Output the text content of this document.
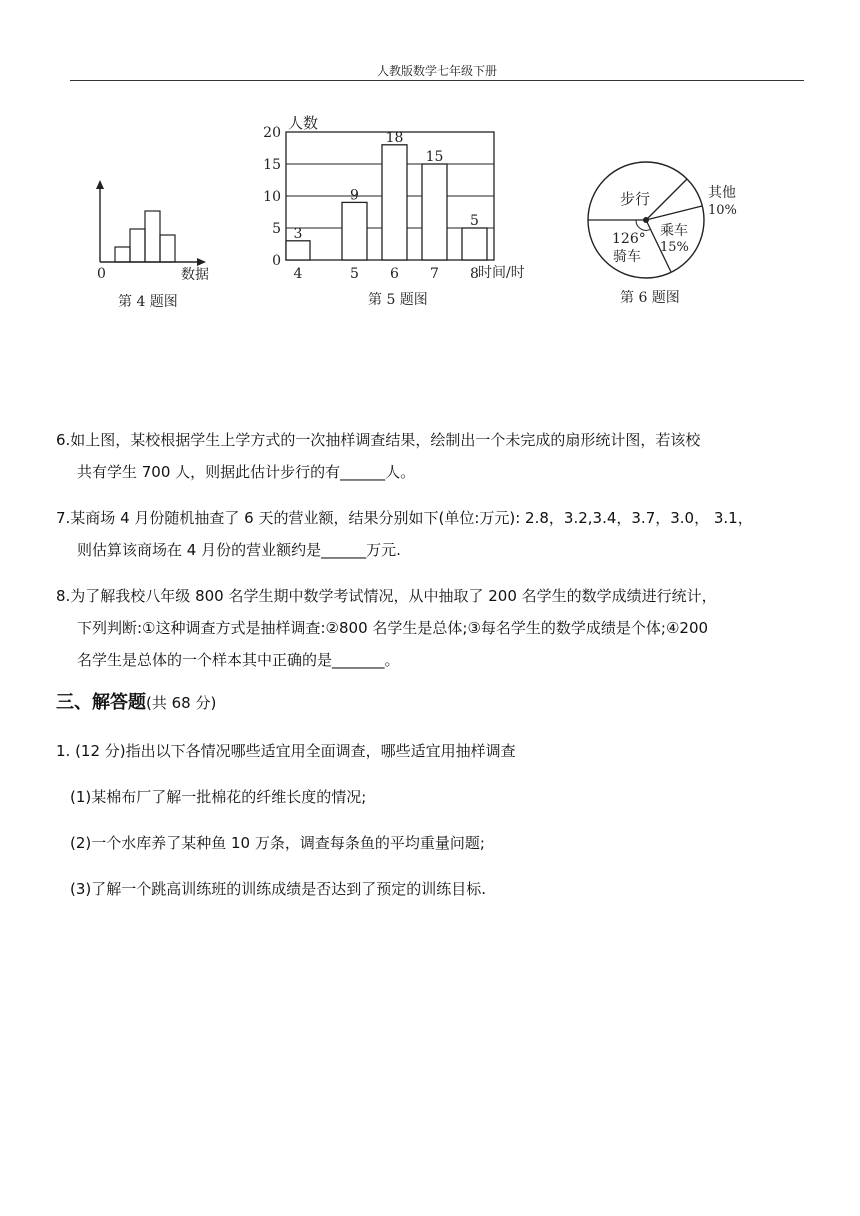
人教版数学七年级下册
0	数据
第 4 题图
0
5
10
15
20
3
4
9
5
18
6
15
7
5
8
人数
时间/时
第 5 题图
步行	其他
10%
乘车
15%
126°
骑车
第 6 题图
6.如上图，某校根据学生上学方式的一次抽样调查结果，绘制出一个未完成的扇形统计图，若该校
共有学生 700 人，则据此估计步行的有______人。
7.某商场 4 月份随机抽查了 6 天的营业额，结果分别如下(单位:万元): 2.8，3.2,3.4，3.7，3.0， 3.1，
则估算该商场在 4 月份的营业额约是______万元.
8.为了解我校八年级 800 名学生期中数学考试情况，从中抽取了 200 名学生的数学成绩进行统计，
下列判断:①这种调查方式是抽样调查:②800 名学生是总体;③每名学生的数学成绩是个体;④200
名学生是总体的一个样本其中正确的是_______。
三、解答题(共 68 分)
1. (12 分)指出以下各情况哪些适宜用全面调查，哪些适宜用抽样调查
(1)某棉布厂了解一批棉花的纤维长度的情况;
(2)一个水库养了某种鱼 10 万条，调查每条鱼的平均重量问题;
(3)了解一个跳高训练班的训练成绩是否达到了预定的训练目标.
